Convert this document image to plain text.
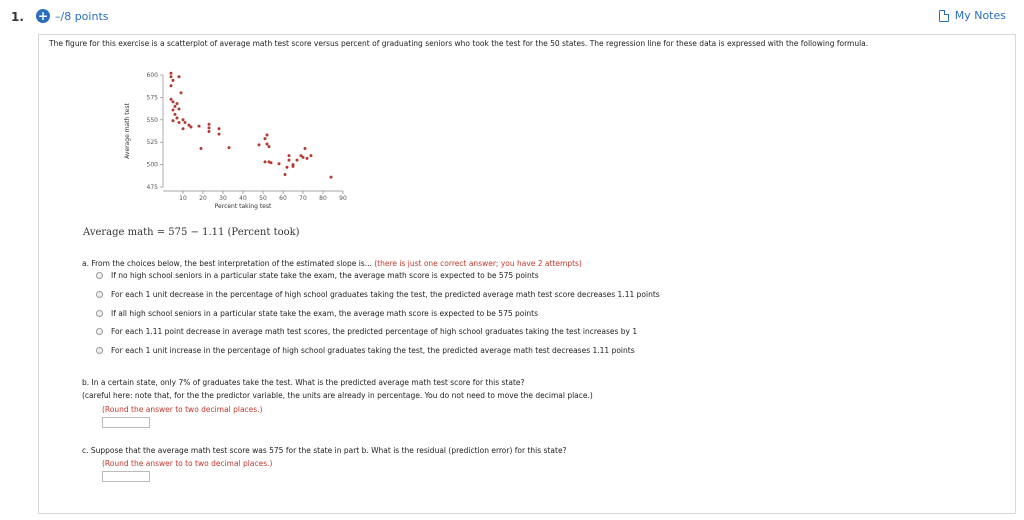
1. + –/8 points	My Notes
The figure for this exercise is a scatterplot of average math test score versus percent of graduating seniors who took the test for the 50 states. The regression line for these data is expressed with the following formula.
475
500
525
550
575
600
10 20 30 40 50 60 70 80 90
Percent taking test
Average math test
Average math = 575 − 1.11 (Percent took)
a. From the choices below, the best interpretation of the estimated slope is... (there is just one correct answer; you have 2 attempts)
If no high school seniors in a particular state take the exam, the average math score is expected to be 575 points
For each 1 unit decrease in the percentage of high school graduates taking the test, the predicted average math test score decreases 1.11 points
If all high school seniors in a particular state take the exam, the average math score is expected to be 575 points
For each 1.11 point decrease in average math test scores, the predicted percentage of high school graduates taking the test increases by 1
For each 1 unit increase in the percentage of high school graduates taking the test, the predicted average math test decreases 1.11 points
b. In a certain state, only 7% of graduates take the test. What is the predicted average math test score for this state?
(careful here: note that, for the the predictor variable, the units are already in percentage. You do not need to move the decimal place.)
(Round the answer to two decimal places.)
c. Suppose that the average math test score was 575 for the state in part b. What is the residual (prediction error) for this state?
(Round the answer to to two decimal places.)
